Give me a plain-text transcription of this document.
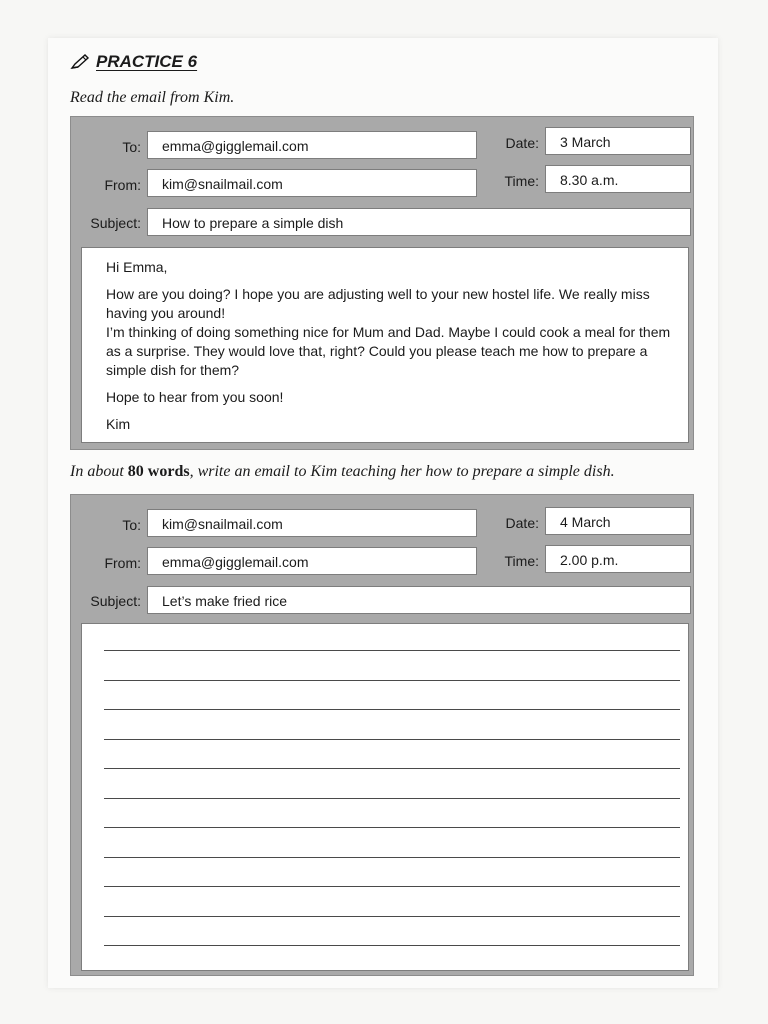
PRACTICE 6
Read the email from Kim.
To:	emma@gigglemail.com	Date:	3 March
From:	kim@snailmail.com	Time:	8.30 a.m.
Subject:	How to prepare a simple dish

Hi Emma,

How are you doing? I hope you are adjusting well to your new hostel life. We really miss having you around!

I’m thinking of doing something nice for Mum and Dad. Maybe I could cook a meal for them as a surprise. They would love that, right? Could you please teach me how to prepare a simple dish for them?

Hope to hear from you soon!

Kim

In about 80 words, write an email to Kim teaching her how to prepare a simple dish.
To:	kim@snailmail.com	Date:	4 March
From:	emma@gigglemail.com	Time:	2.00 p.m.
Subject:	Let’s make fried rice
